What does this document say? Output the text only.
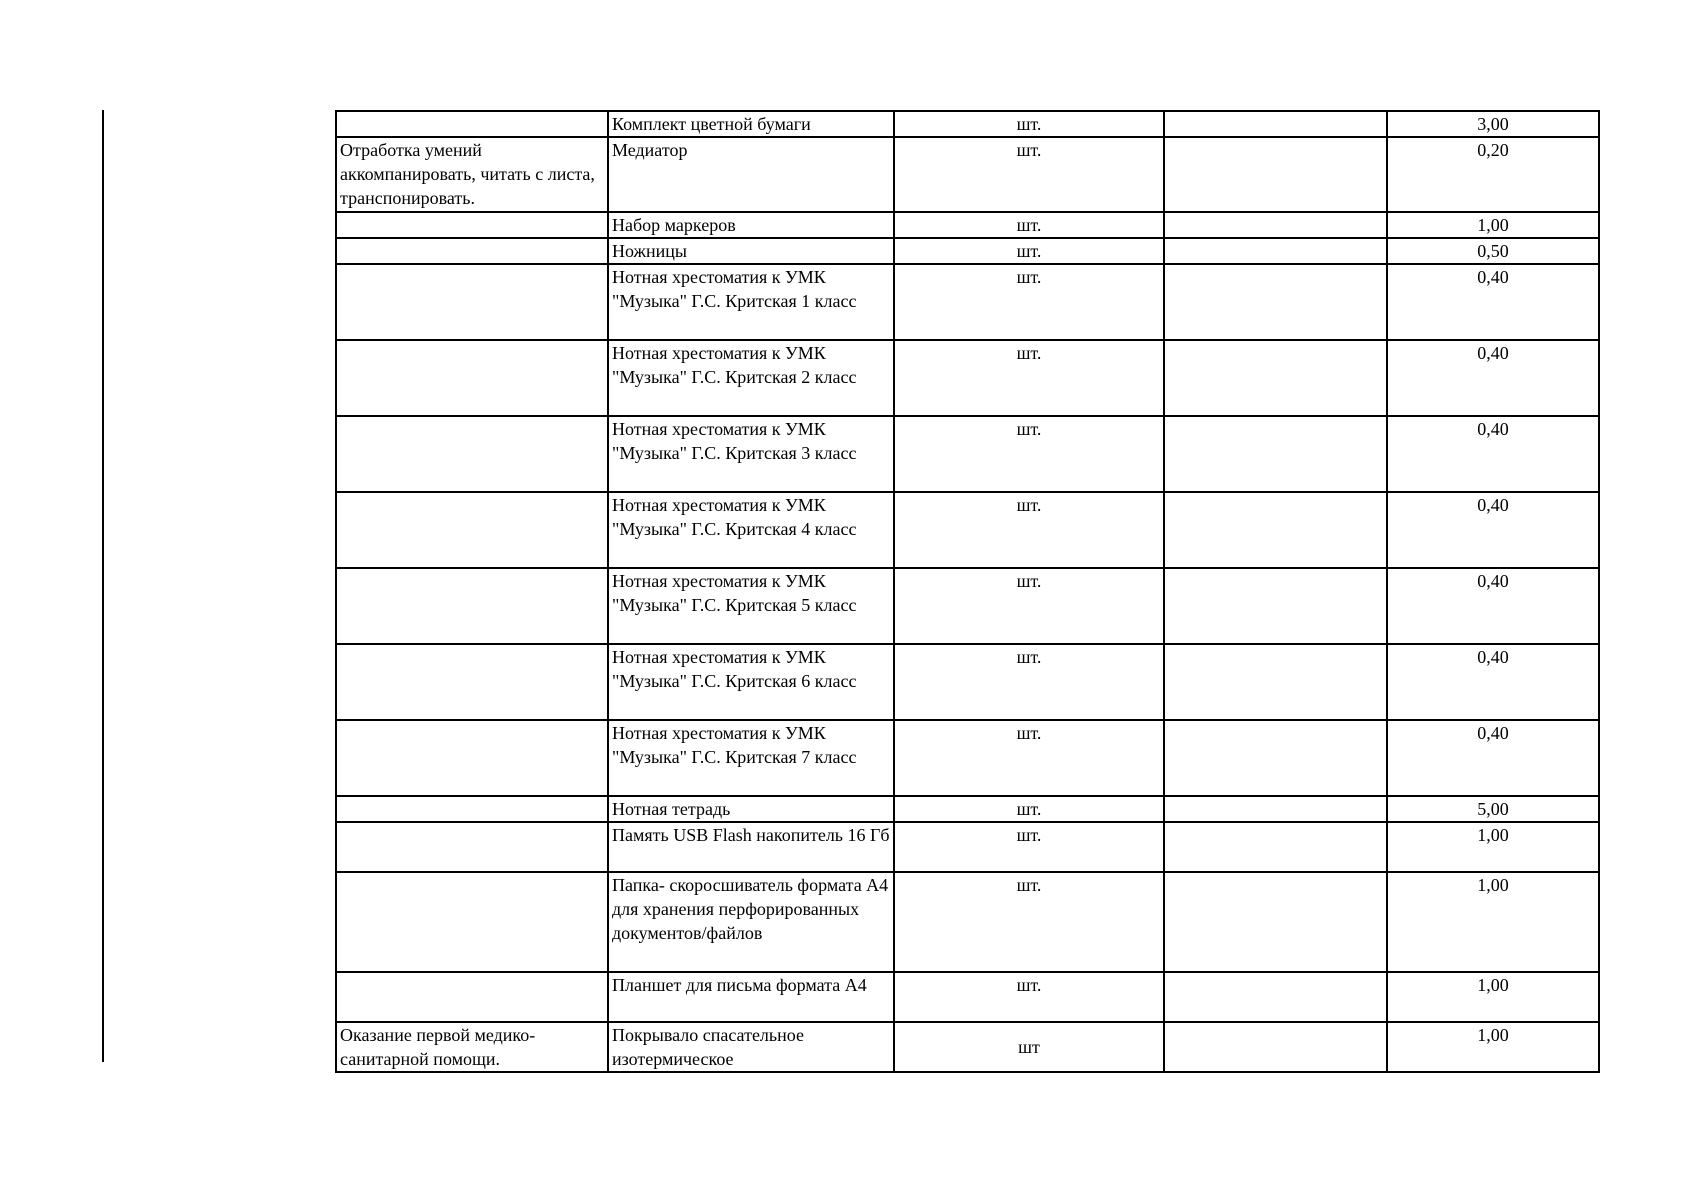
	Комплект цветной бумаги	шт.		3,00
Отработка умений аккомпанировать, читать с листа, транспонировать.	Медиатор	шт.		0,20
	Набор маркеров	шт.		1,00
	Ножницы	шт.		0,50
	Нотная хрестоматия к УМК "Музыка" Г.С. Критская 1 класс	шт.		0,40
	Нотная хрестоматия к УМК "Музыка" Г.С. Критская 2 класс	шт.		0,40
	Нотная хрестоматия к УМК "Музыка" Г.С. Критская 3 класс	шт.		0,40
	Нотная хрестоматия к УМК "Музыка" Г.С. Критская 4 класс	шт.		0,40
	Нотная хрестоматия к УМК "Музыка" Г.С. Критская 5 класс	шт.		0,40
	Нотная хрестоматия к УМК "Музыка" Г.С. Критская 6 класс	шт.		0,40
	Нотная хрестоматия к УМК "Музыка" Г.С. Критская 7 класс	шт.		0,40
	Нотная тетрадь	шт.		5,00
	Память USB Flash накопитель 16 Гб	шт.		1,00
	Папка- скоросшиватель формата А4 для хранения перфорированных документов/файлов	шт.		1,00
	Планшет для письма формата А4	шт.		1,00
Оказание первой медико-санитарной помощи.	Покрывало спасательное изотермическое	шт		1,00
